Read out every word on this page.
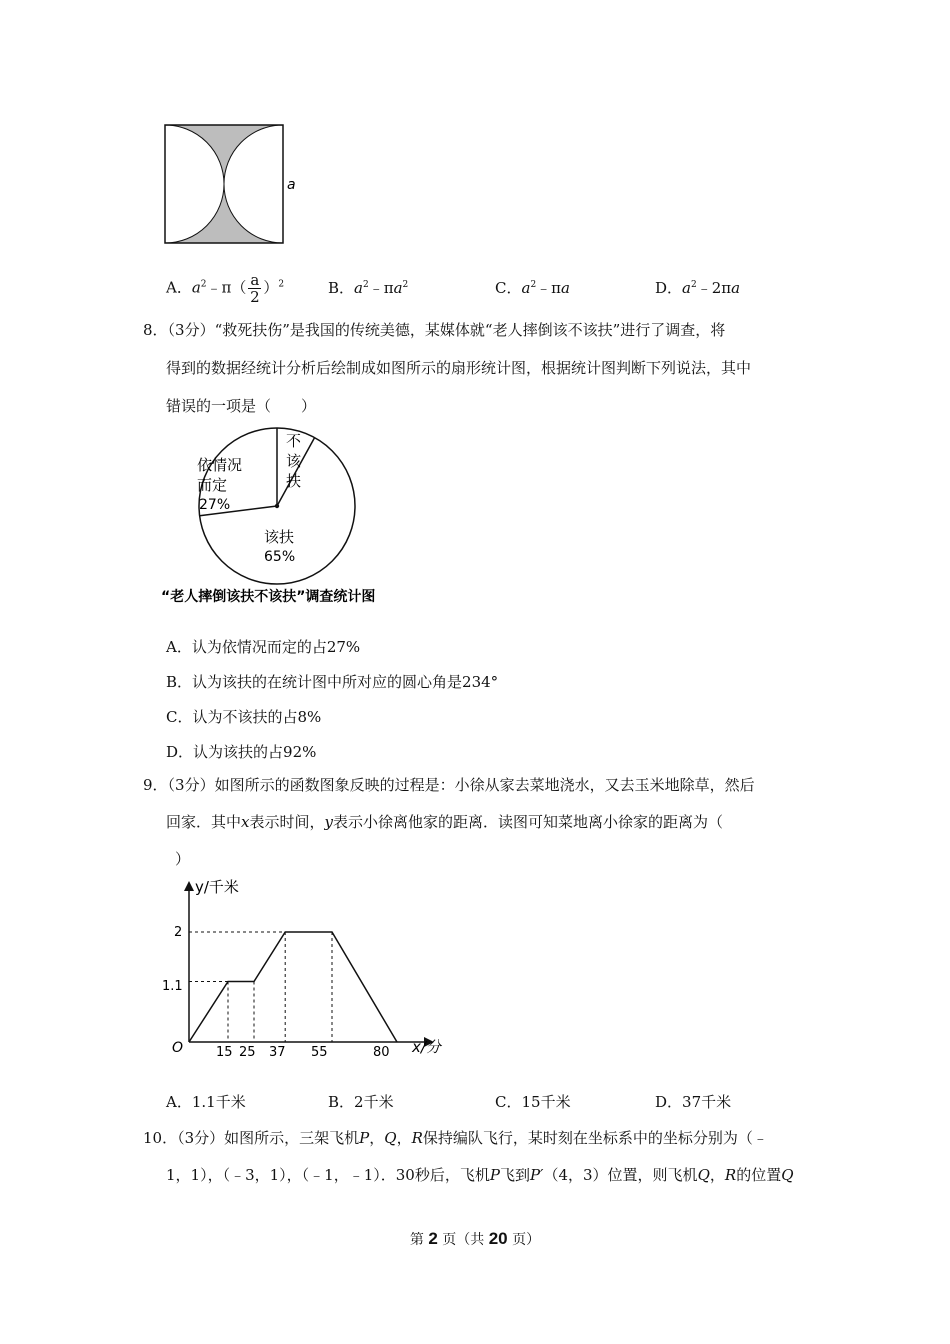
a
A．$a^2﹣\pi( \frac{a}{2} )^2$	B．$a^2﹣\pi a^2$	C．$a^2﹣\pi a$	D．$a^2﹣2\pi a$
8．（3分）“救死扶伤”是我国的传统美德，某媒体就“老人摔倒该不该扶”进行了调查，将
得到的数据经统计分析后绘制成如图所示的扇形统计图，根据统计图判断下列说法，其中
错误的一项是（　　）
依情况
而定
27%
不
该
扶
该扶
65%
“老人摔倒该扶不该扶”调查统计图
A．认为依情况而定的占27%
B．认为该扶的在统计图中所对应的圆心角是234°
C．认为不该扶的占8%
D．认为该扶的占92%
9．（3分）如图所示的函数图象反映的过程是：小徐从家去菜地浇水，又去玉米地除草，然后
回家．其中x表示时间，y表示小徐离他家的距离．读图可知菜地离小徐家的距离为（
）
y/千米
x/分
O
1.1
2
15 25 37 55	80
A．1.1千米	B．2千米	C．15千米	D．37千米
10．（3分）如图所示，三架飞机P，Q，R保持编队飞行，某时刻在坐标系中的坐标分别为（﹣
1，1），（﹣3，1），（﹣1，﹣1）．30秒后，飞机P飞到P′（4，3）位置，则飞机Q，R的位置Q
第 2 页（共 20 页）
